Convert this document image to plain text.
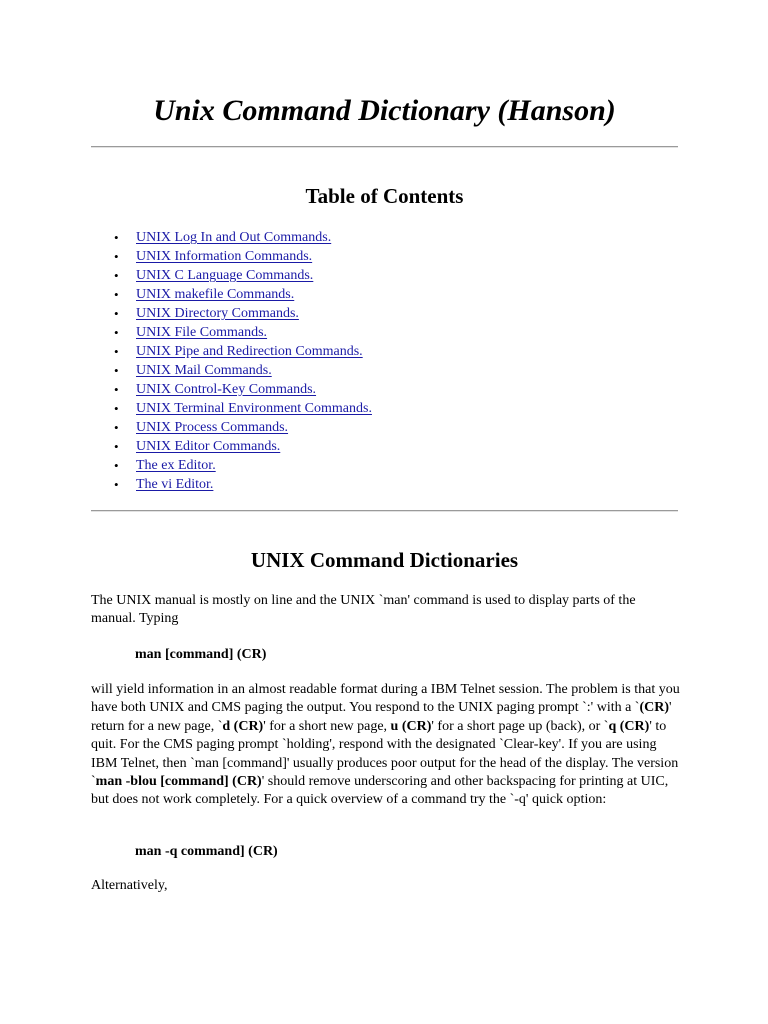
Unix Command Dictionary (Hanson)
Table of Contents
• UNIX Log In and Out Commands.
• UNIX Information Commands.
• UNIX C Language Commands.
• UNIX makefile Commands.
• UNIX Directory Commands.
• UNIX File Commands.
• UNIX Pipe and Redirection Commands.
• UNIX Mail Commands.
• UNIX Control-Key Commands.
• UNIX Terminal Environment Commands.
• UNIX Process Commands.
• UNIX Editor Commands.
• The ex Editor.
• The vi Editor.
UNIX Command Dictionaries

The UNIX manual is mostly on line and the UNIX `man' command is used to display parts of the manual. Typing

man [command] (CR)

will yield information in an almost readable format during a IBM Telnet session. The problem is that you have both UNIX and CMS paging the output. You respond to the UNIX paging prompt `:' with a `(CR)' return for a new page, `d (CR)' for a short new page, u (CR)' for a short page up (back), or `q (CR)' to quit. For the CMS paging prompt `holding', respond with the designated `Clear-key'. If you are using IBM Telnet, then `man [command]' usually produces poor output for the head of the display. The version `man -blou [command] (CR)' should remove underscoring and other backspacing for printing at UIC, but does not work completely. For a quick overview of a command try the `-q' quick option:

man -q command] (CR)

Alternatively,
